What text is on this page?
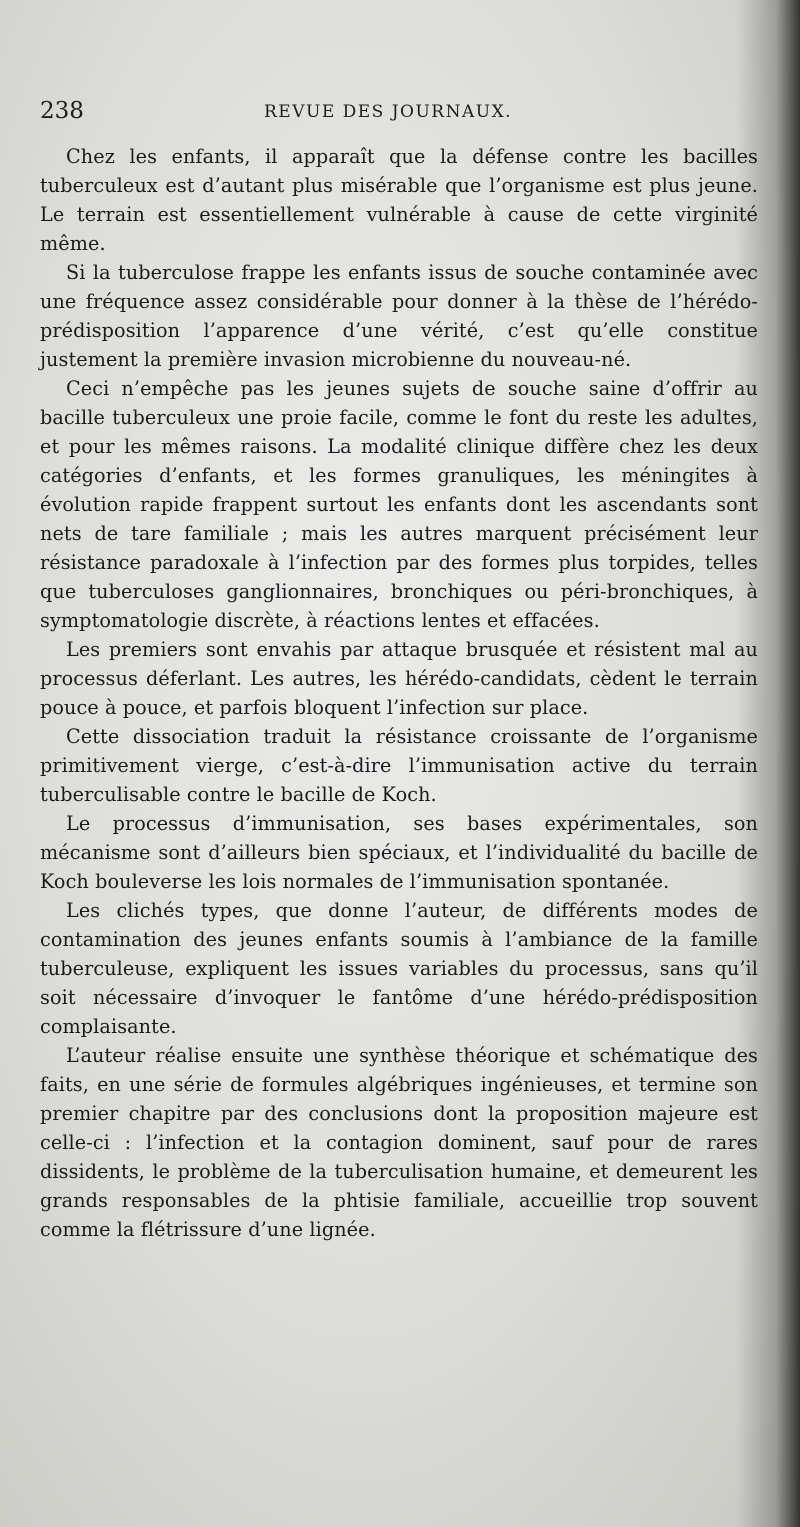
238	REVUE DES JOURNAUX.

Chez les enfants, il apparaît que la défense contre les bacilles tuberculeux est d’autant plus misérable que l’organisme est plus jeune. Le terrain est essentiellement vulnérable à cause de cette virginité même.

Si la tuberculose frappe les enfants issus de souche contaminée avec une fréquence assez considérable pour donner à la thèse de l’hérédo-prédisposition l’apparence d’une vérité, c’est qu’elle constitue justement la première invasion microbienne du nouveau-né.

Ceci n’empêche pas les jeunes sujets de souche saine d’offrir au bacille tuberculeux une proie facile, comme le font du reste les adultes, et pour les mêmes raisons. La modalité clinique diffère chez les deux catégories d’enfants, et les formes granuliques, les méningites à évolution rapide frappent surtout les enfants dont les ascendants sont nets de tare familiale ; mais les autres marquent précisément leur résistance paradoxale à l’infection par des formes plus torpides, telles que tuberculoses ganglionnaires, bronchiques ou péri-bronchiques, à symptomatologie discrète, à réactions lentes et effacées.

Les premiers sont envahis par attaque brusquée et résistent mal au processus déferlant. Les autres, les hérédo-candidats, cèdent le terrain pouce à pouce, et parfois bloquent l’infection sur place.

Cette dissociation traduit la résistance croissante de l’organisme primitivement vierge, c’est-à-dire l’immunisation active du terrain tuberculisable contre le bacille de Koch.

Le processus d’immunisation, ses bases expérimentales, son mécanisme sont d’ailleurs bien spéciaux, et l’individualité du bacille de Koch bouleverse les lois normales de l’immunisation spontanée.

Les clichés types, que donne l’auteur, de différents modes de contamination des jeunes enfants soumis à l’ambiance de la famille tuberculeuse, expliquent les issues variables du processus, sans qu’il soit nécessaire d’invoquer le fantôme d’une hérédo-prédisposition complaisante.

L’auteur réalise ensuite une synthèse théorique et schématique des faits, en une série de formules algébriques ingénieuses, et termine son premier chapitre par des conclusions dont la proposition majeure est celle-ci : l’infection et la contagion dominent, sauf pour de rares dissidents, le problème de la tuberculisation humaine, et demeurent les grands responsables de la phtisie familiale, accueillie trop souvent comme la flétrissure d’une lignée.
